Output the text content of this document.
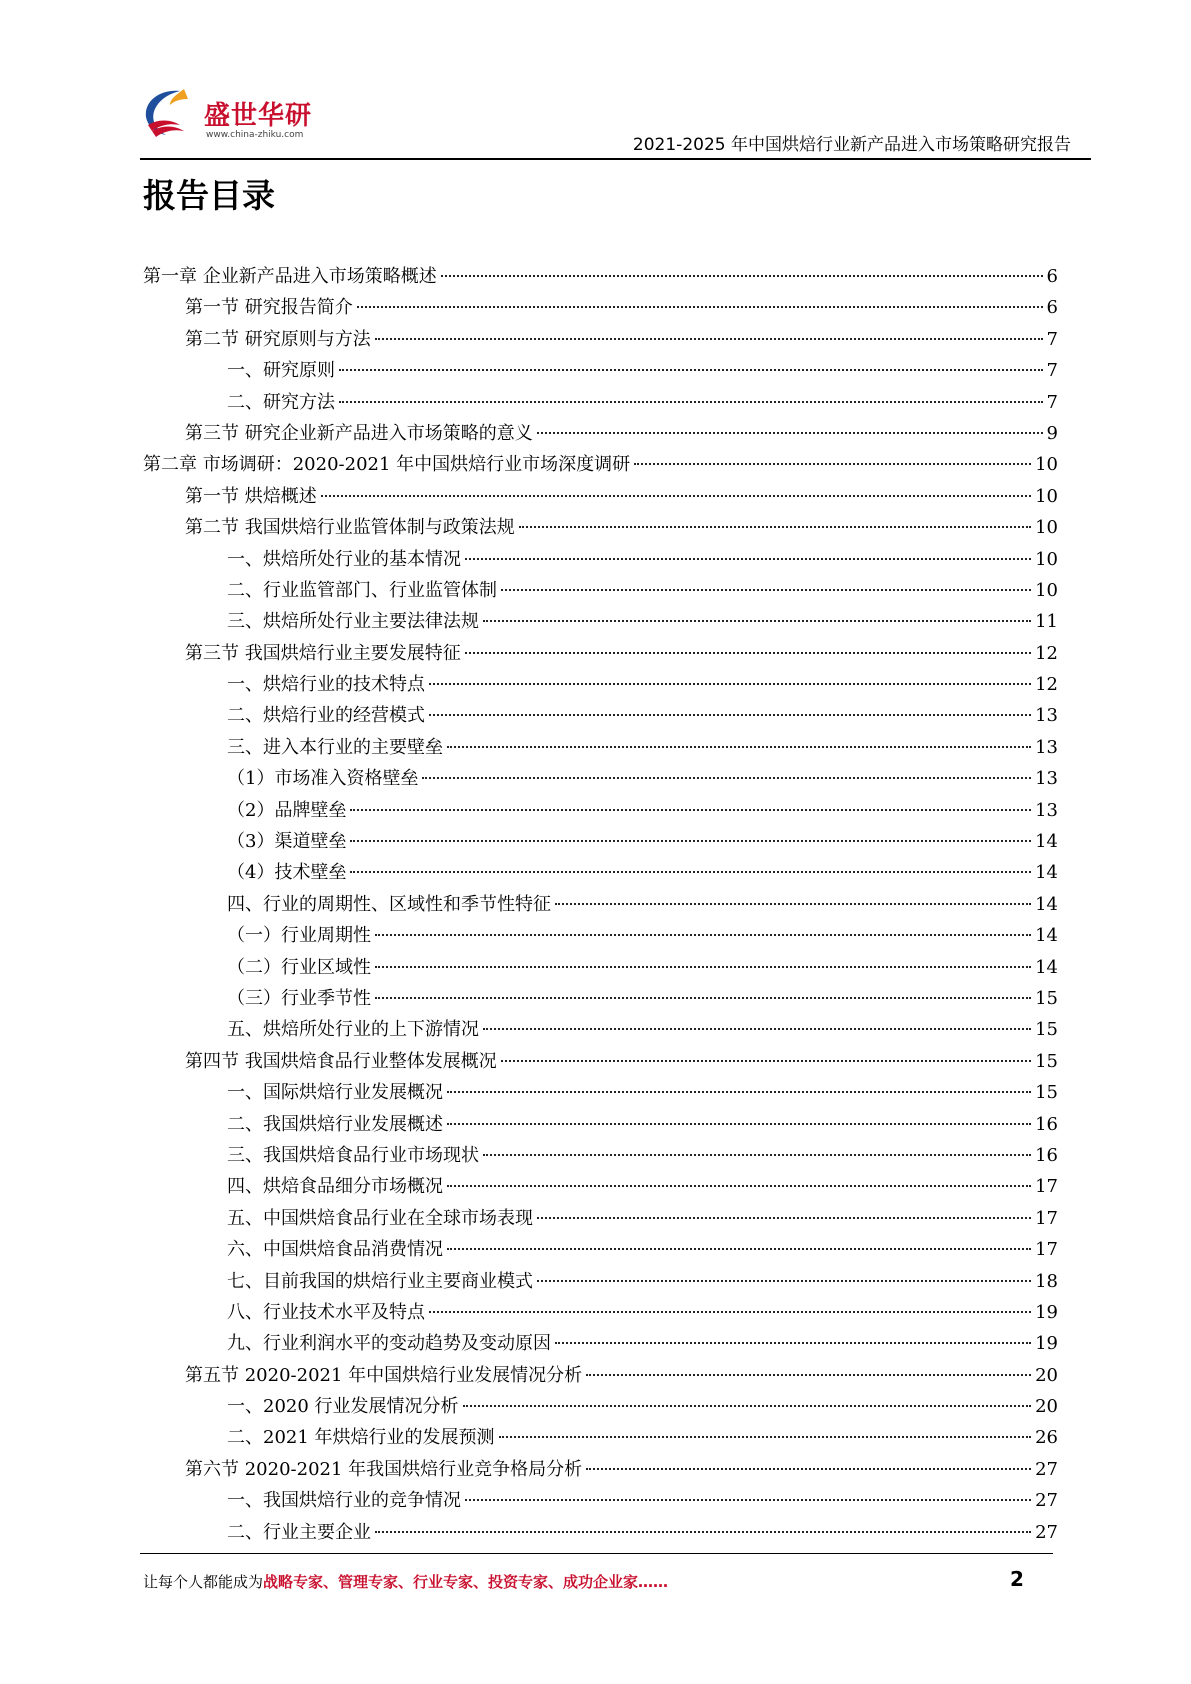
盛世华研
www.china-zhiku.com	2021-2025 年中国烘焙行业新产品进入市场策略研究报告
报告目录
第一章 企业新产品进入市场策略概述	6
第一节 研究报告简介	6
第二节 研究原则与方法	7
一、研究原则	7
二、研究方法	7
第三节 研究企业新产品进入市场策略的意义	9
第二章 市场调研：2020-2021 年中国烘焙行业市场深度调研	10
第一节 烘焙概述	10
第二节 我国烘焙行业监管体制与政策法规	10
一、烘焙所处行业的基本情况	10
二、行业监管部门、行业监管体制	10
三、烘焙所处行业主要法律法规	11
第三节 我国烘焙行业主要发展特征	12
一、烘焙行业的技术特点	12
二、烘焙行业的经营模式	13
三、进入本行业的主要壁垒	13
（1）市场准入资格壁垒	13
（2）品牌壁垒	13
（3）渠道壁垒	14
（4）技术壁垒	14
四、行业的周期性、区域性和季节性特征	14
（一）行业周期性	14
（二）行业区域性	14
（三）行业季节性	15
五、烘焙所处行业的上下游情况	15
第四节 我国烘焙食品行业整体发展概况	15
一、国际烘焙行业发展概况	15
二、我国烘焙行业发展概述	16
三、我国烘焙食品行业市场现状	16
四、烘焙食品细分市场概况	17
五、中国烘焙食品行业在全球市场表现	17
六、中国烘焙食品消费情况	17
七、目前我国的烘焙行业主要商业模式	18
八、行业技术水平及特点	19
九、行业利润水平的变动趋势及变动原因	19
第五节 2020-2021 年中国烘焙行业发展情况分析	20
一、2020 行业发展情况分析	20
二、2021 年烘焙行业的发展预测	26
第六节 2020-2021 年我国烘焙行业竞争格局分析	27
一、我国烘焙行业的竞争情况	27
二、行业主要企业	27
让每个人都能成为战略专家、管理专家、行业专家、投资专家、成功企业家……	2
